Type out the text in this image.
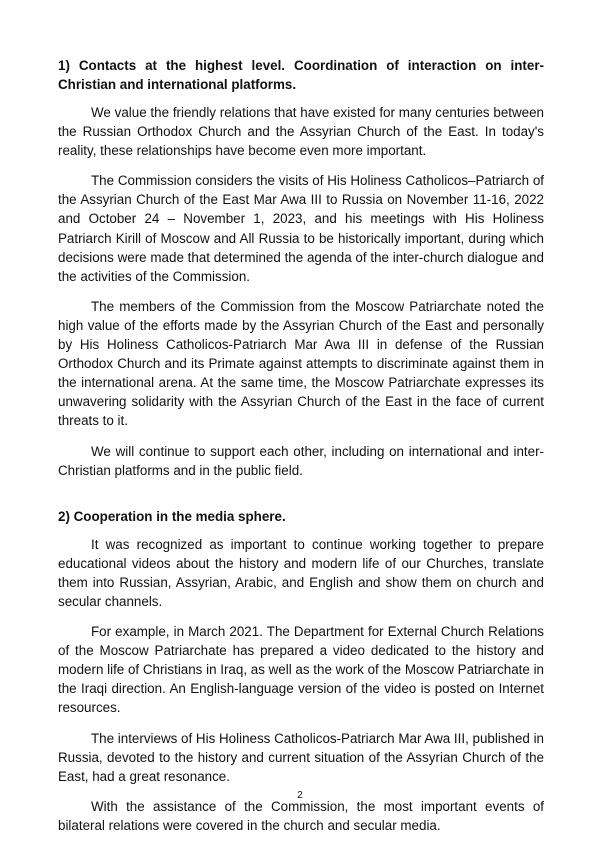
1) Contacts at the highest level. Coordination of interaction on inter-Christian and international platforms.

We value the friendly relations that have existed for many centuries between the Russian Orthodox Church and the Assyrian Church of the East. In today's reality, these relationships have become even more important.

The Commission considers the visits of His Holiness Catholicos–Patriarch of the Assyrian Church of the East Mar Awa III to Russia on November 11-16, 2022 and October 24 – November 1, 2023, and his meetings with His Holiness Patriarch Kirill of Moscow and All Russia to be historically important, during which decisions were made that determined the agenda of the inter-church dialogue and the activities of the Commission.

The members of the Commission from the Moscow Patriarchate noted the high value of the efforts made by the Assyrian Church of the East and personally by His Holiness Catholicos-Patriarch Mar Awa III in defense of the Russian Orthodox Church and its Primate against attempts to discriminate against them in the international arena. At the same time, the Moscow Patriarchate expresses its unwavering solidarity with the Assyrian Church of the East in the face of current threats to it.

We will continue to support each other, including on international and inter-Christian platforms and in the public field.

2) Cooperation in the media sphere.

It was recognized as important to continue working together to prepare educational videos about the history and modern life of our Churches, translate them into Russian, Assyrian, Arabic, and English and show them on church and secular channels.

For example, in March 2021. The Department for External Church Relations of the Moscow Patriarchate has prepared a video dedicated to the history and modern life of Christians in Iraq, as well as the work of the Moscow Patriarchate in the Iraqi direction. An English-language version of the video is posted on Internet resources.

The interviews of His Holiness Catholicos-Patriarch Mar Awa III, published in Russia, devoted to the history and current situation of the Assyrian Church of the East, had a great resonance.

With the assistance of the Commission, the most important events of bilateral relations were covered in the church and secular media.

2
